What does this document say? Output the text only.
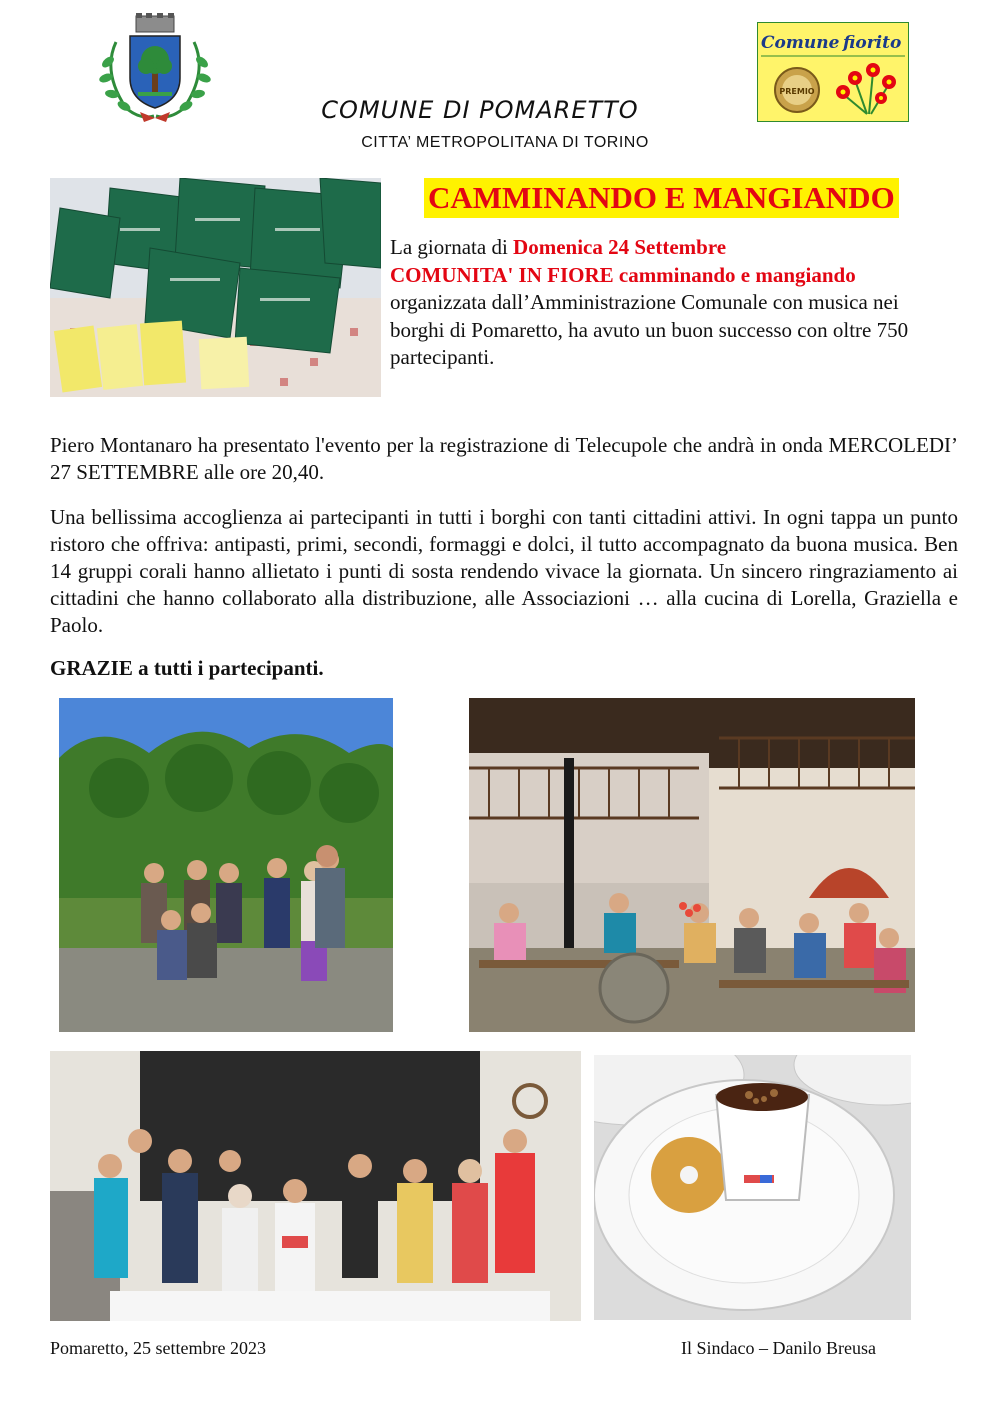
COMUNE DI POMARETTO
CITTA’ METROPOLITANA DI TORINO
Comune fiorito
PREMIO
CAMMINANDO E MANGIANDO
La giornata di Domenica 24 Settembre
COMUNITA' IN FIORE camminando e mangiando
organizzata dall’Amministrazione Comunale con musica nei borghi di Pomaretto, ha avuto un buon successo con oltre 750 partecipanti.
Piero Montanaro ha presentato l'evento per la registrazione di Telecupole che andrà in onda MERCOLEDI’ 27 SETTEMBRE alle ore 20,40.
Una bellissima accoglienza ai partecipanti in tutti i borghi con tanti cittadini attivi. In ogni tappa un punto ristoro che offriva: antipasti, primi, secondi, formaggi e dolci, il tutto accompagnato da buona musica. Ben 14 gruppi corali hanno allietato i punti di sosta rendendo vivace la giornata. Un sincero ringraziamento ai cittadini che hanno collaborato alla distribuzione, alle Associazioni … alla cucina di Lorella, Graziella e Paolo.
GRAZIE a tutti i partecipanti.
Pomaretto, 25 settembre 2023	Il Sindaco – Danilo Breusa
